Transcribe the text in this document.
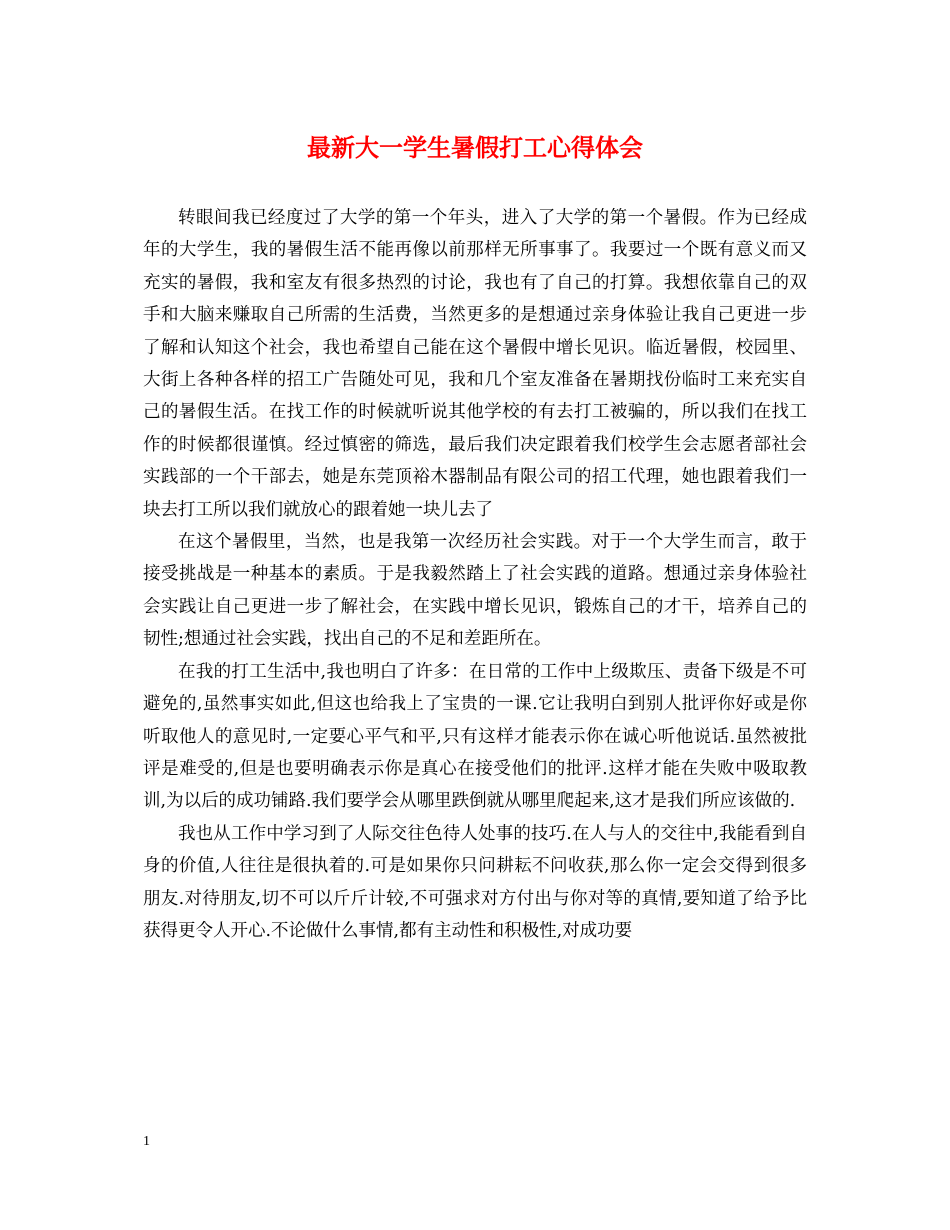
最新大一学生暑假打工心得体会

转眼间我已经度过了大学的第一个年头，进入了大学的第一个暑假。作为已经成年的大学生，我的暑假生活不能再像以前那样无所事事了。我要过一个既有意义而又充实的暑假，我和室友有很多热烈的讨论，我也有了自己的打算。我想依靠自己的双手和大脑来赚取自己所需的生活费，当然更多的是想通过亲身体验让我自己更进一步了解和认知这个社会，我也希望自己能在这个暑假中增长见识。临近暑假，校园里、大街上各种各样的招工广告随处可见，我和几个室友准备在暑期找份临时工来充实自己的暑假生活。在找工作的时候就听说其他学校的有去打工被骗的，所以我们在找工作的时候都很谨慎。经过慎密的筛选，最后我们决定跟着我们校学生会志愿者部社会实践部的一个干部去，她是东莞顶裕木器制品有限公司的招工代理，她也跟着我们一块去打工所以我们就放心的跟着她一块儿去了

在这个暑假里，当然，也是我第一次经历社会实践。对于一个大学生而言，敢于接受挑战是一种基本的素质。于是我毅然踏上了社会实践的道路。想通过亲身体验社会实践让自己更进一步了解社会，在实践中增长见识，锻炼自己的才干，培养自己的韧性;想通过社会实践，找出自己的不足和差距所在。

在我的打工生活中,我也明白了许多：在日常的工作中上级欺压、责备下级是不可避免的,虽然事实如此,但这也给我上了宝贵的一课.它让我明白到别人批评你好或是你听取他人的意见时,一定要心平气和平,只有这样才能表示你在诚心听他说话.虽然被批评是难受的,但是也要明确表示你是真心在接受他们的批评.这样才能在失败中吸取教训,为以后的成功铺路.我们要学会从哪里跌倒就从哪里爬起来,这才是我们所应该做的.

我也从工作中学习到了人际交往色待人处事的技巧.在人与人的交往中,我能看到自身的价值,人往往是很执着的.可是如果你只问耕耘不问收获,那么你一定会交得到很多朋友.对待朋友,切不可以斤斤计较,不可强求对方付出与你对等的真情,要知道了给予比获得更令人开心.不论做什么事情,都有主动性和积极性,对成功要

1
